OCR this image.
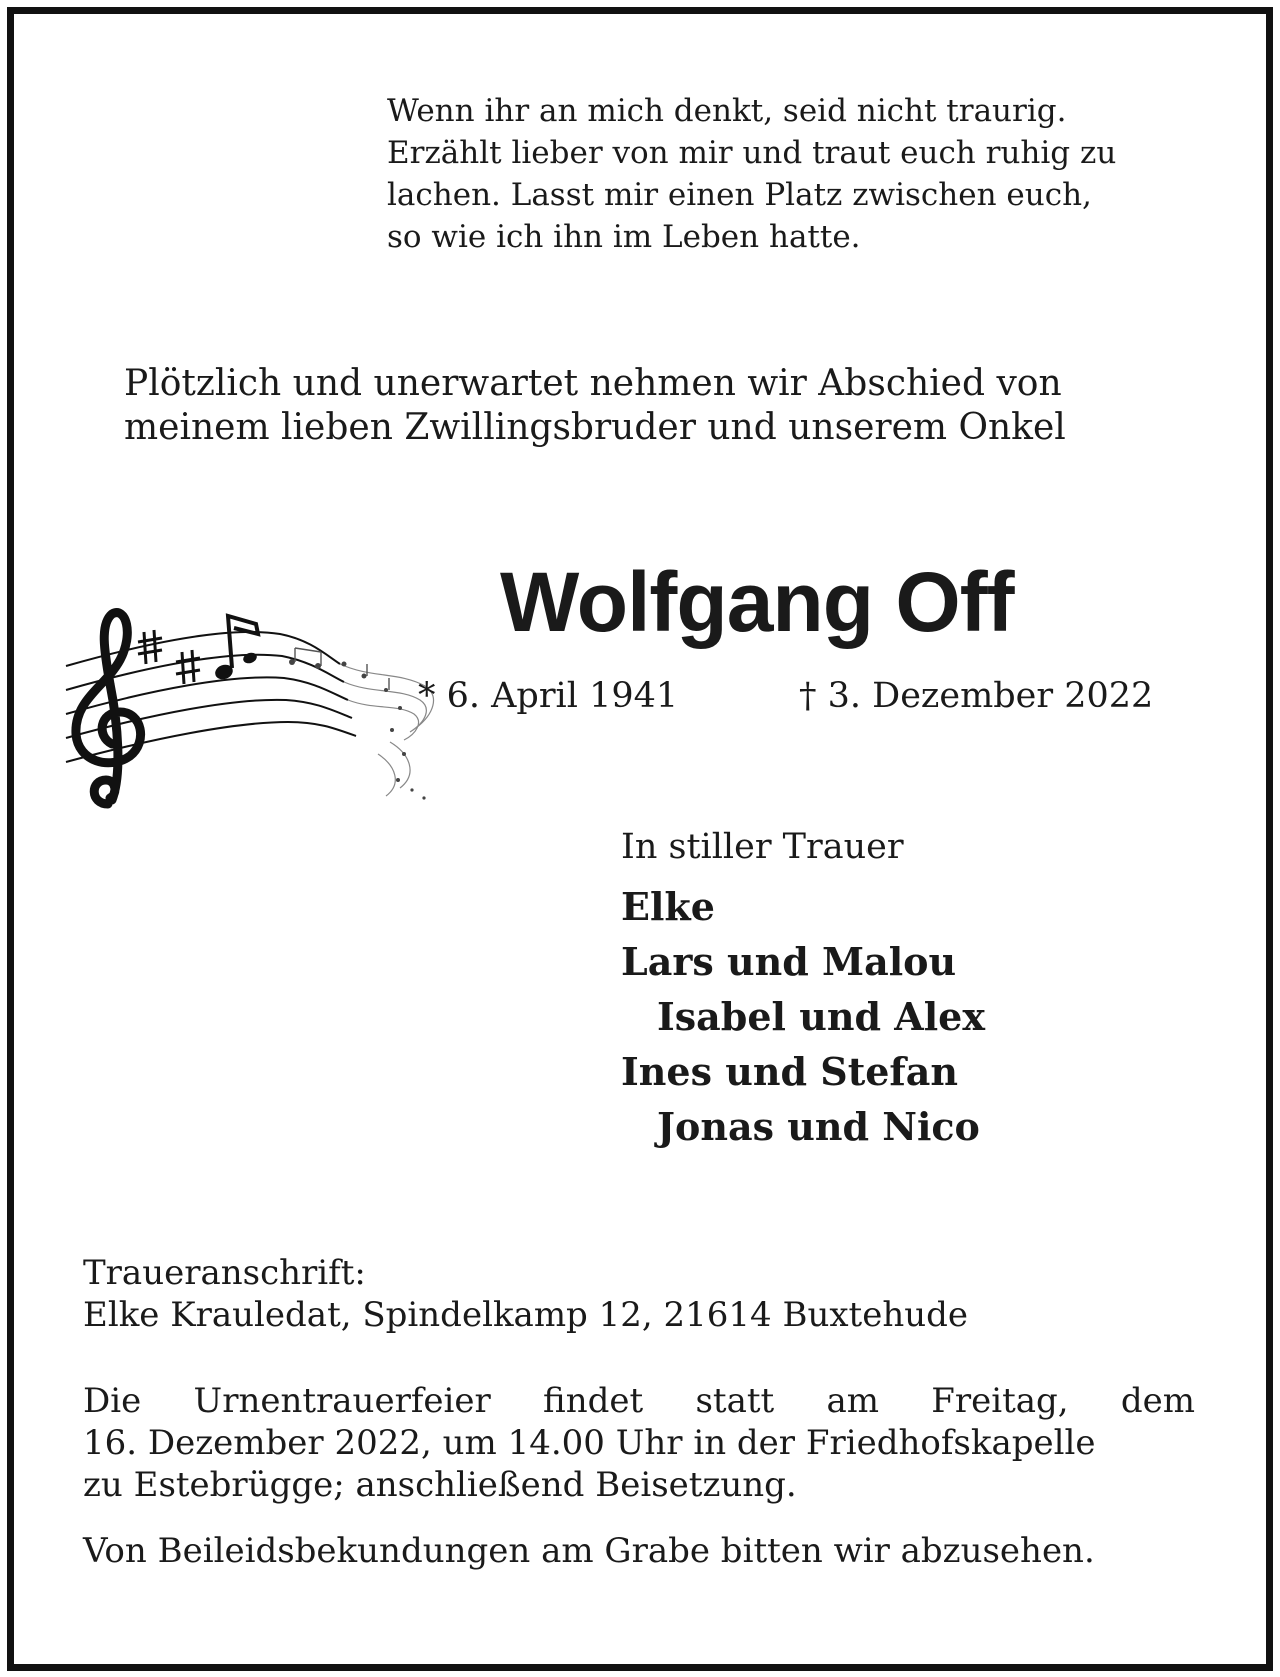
Wenn ihr an mich denkt, seid nicht traurig.
Erzählt lieber von mir und traut euch ruhig zu
lachen. Lasst mir einen Platz zwischen euch,
so wie ich ihn im Leben hatte.
Plötzlich und unerwartet nehmen wir Abschied von
meinem lieben Zwillingsbruder und unserem Onkel
Wolfgang Off
* 6. April 1941	† 3. Dezember 2022
In stiller Trauer
Elke
Lars und Malou
Isabel und Alex
Ines und Stefan
Jonas und Nico
Traueranschrift:
Elke Krauledat, Spindelkamp 12, 21614 Buxtehude
Die Urnentrauerfeier findet statt am Freitag, dem
16. Dezember 2022, um 14.00 Uhr in der Friedhofskapelle
zu Estebrügge; anschließend Beisetzung.
Von Beileidsbekundungen am Grabe bitten wir abzusehen.
